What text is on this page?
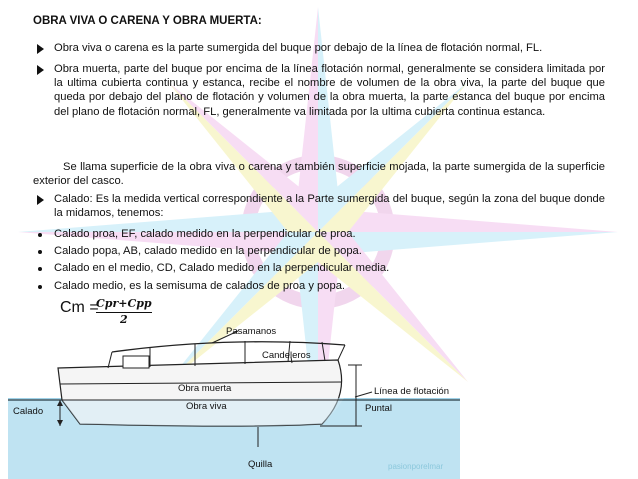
OBRA VIVA O CARENA Y OBRA MUERTA:
Obra viva o carena es la parte sumergida del buque por debajo de la línea de flotación normal, FL.
Obra muerta, parte del buque por encima de la línea flotación normal, generalmente se considera limitada por la ultima cubierta continua y estanca, recibe el nombre de volumen de la obra viva, la parte del buque que queda por debajo del plano de flotación y volumen de la obra muerta, la parte estanca del buque por encima del plano de flotación normal, FL, generalmente va limitada por la ultima cubierta continua estanca.
Se llama superficie de la obra viva o carena y también superficie mojada, la parte sumergida de la superficie exterior del casco.
Calado: Es la medida vertical correspondiente a la Parte sumergida del buque, según la zona del buque donde la midamos, tenemos:
Calado proa, EF, calado medido en la perpendicular de proa.
Calado popa, AB, calado medido en la perpendicular de popa.
Calado en el medio, CD, Calado medido en la perpendicular media.
Calado medio, es la semisuma de calados de proa y popa.
Cm =
Cpr+Cpp
2
Pasamanos
Candeleros
Obra muerta
Obra viva
Línea de flotación
Puntal
Calado
Quilla	pasionporelmar
